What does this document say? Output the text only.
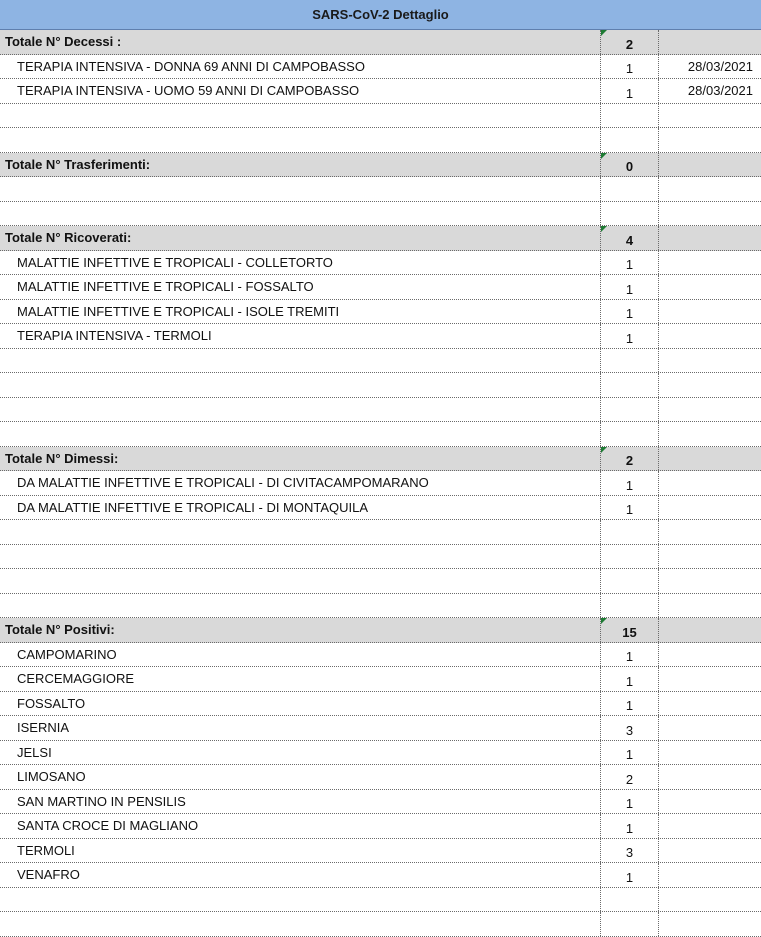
SARS-CoV-2 Dettaglio
Totale N° Decessi :	2
TERAPIA INTENSIVA - DONNA 69 ANNI DI CAMPOBASSO	1	28/03/2021
TERAPIA INTENSIVA - UOMO 59 ANNI DI CAMPOBASSO	1	28/03/2021
Totale N° Trasferimenti:	0
Totale N° Ricoverati:	4
MALATTIE INFETTIVE E TROPICALI - COLLETORTO	1
MALATTIE INFETTIVE E TROPICALI - FOSSALTO	1
MALATTIE INFETTIVE E TROPICALI - ISOLE TREMITI	1
TERAPIA INTENSIVA - TERMOLI	1
Totale N° Dimessi:	2
DA MALATTIE INFETTIVE E TROPICALI - DI CIVITACAMPOMARANO	1
DA MALATTIE INFETTIVE E TROPICALI - DI MONTAQUILA	1
Totale N° Positivi:	15
CAMPOMARINO	1
CERCEMAGGIORE	1
FOSSALTO	1
ISERNIA	3
JELSI	1
LIMOSANO	2
SAN MARTINO IN PENSILIS	1
SANTA CROCE DI MAGLIANO	1
TERMOLI	3
VENAFRO	1
